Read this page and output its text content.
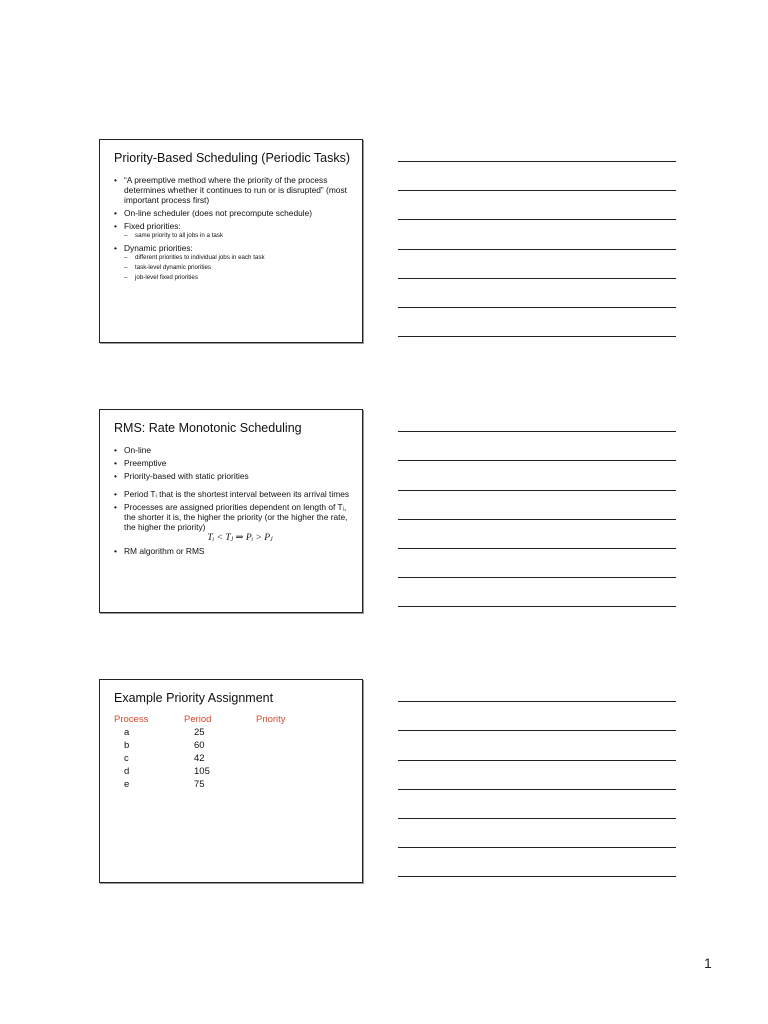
Priority-Based Scheduling (Periodic Tasks)
• “A preemptive method where the priority of the process determines whether it continues to run or is disrupted” (most important process first)
• On-line scheduler (does not precompute schedule)
• Fixed priorities:
– same priority to all jobs in a task
• Dynamic priorities:
– different priorities to individual jobs in each task
– task-level dynamic priorities
– job-level fixed priorities
RMS: Rate Monotonic Scheduling
• On-line
• Preemptive
• Priority-based with static priorities
• Period Tᵢ that is the shortest interval between its arrival times
• Processes are assigned priorities dependent on length of Tᵢ, the shorter it is, the higher the priority (or the higher the rate, the higher the priority)
Tᵢ < Tⱼ ⇒ Pᵢ > Pⱼ
• RM algorithm or RMS
Example Priority Assignment
Process	Period	Priority
a	25	
b	60	
c	42	
d	105	
e	75	
1
